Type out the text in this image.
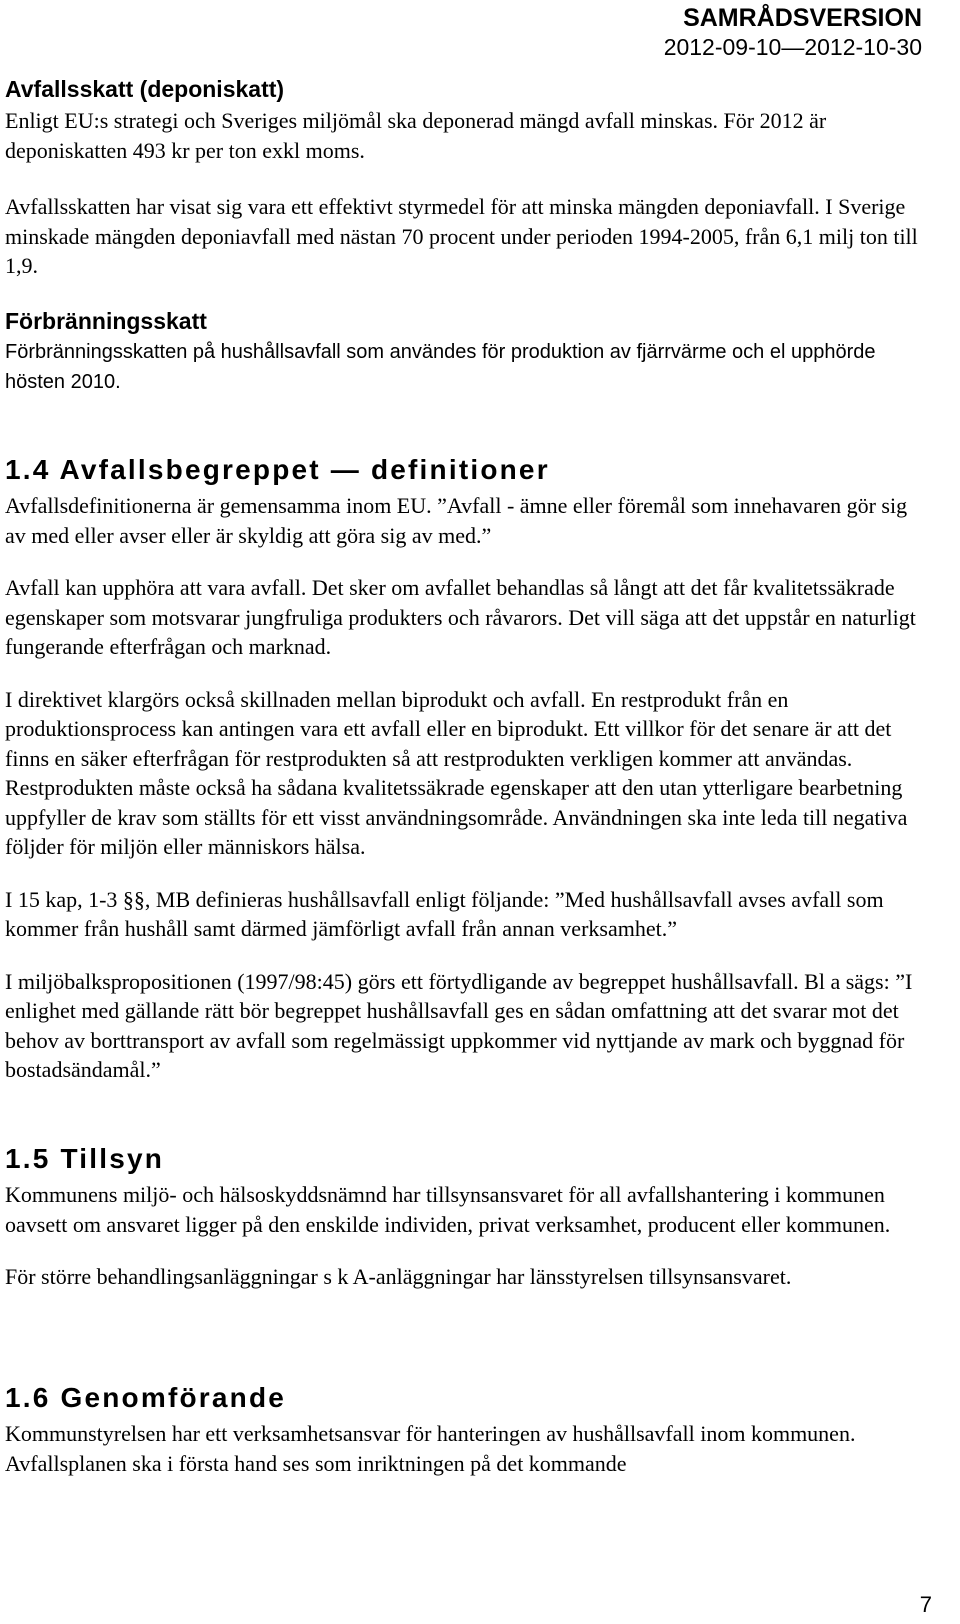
SAMRÅDSVERSION
2012-09-10—2012-10-30
Avfallsskatt (deponiskatt)

Enligt EU:s strategi och Sveriges miljömål ska deponerad mängd avfall minskas. För 2012 är deponiskatten 493 kr per ton exkl moms.

Avfallsskatten har visat sig vara ett effektivt styrmedel för att minska mängden deponiavfall. I Sverige minskade mängden deponiavfall med nästan 70 procent under perioden 1994-2005, från 6,1 milj ton till 1,9.

Förbränningsskatt

Förbränningsskatten på hushållsavfall som användes för produktion av fjärrvärme och el upphörde hösten 2010.

1.4 Avfallsbegreppet — definitioner

Avfallsdefinitionerna är gemensamma inom EU. ”Avfall - ämne eller föremål som innehavaren gör sig av med eller avser eller är skyldig att göra sig av med.”

Avfall kan upphöra att vara avfall. Det sker om avfallet behandlas så långt att det får kvalitetssäkrade egenskaper som motsvarar jungfruliga produkters och råvarors. Det vill säga att det uppstår en naturligt fungerande efterfrågan och marknad.

I direktivet klargörs också skillnaden mellan biprodukt och avfall. En restprodukt från en produktionsprocess kan antingen vara ett avfall eller en biprodukt. Ett villkor för det senare är att det finns en säker efterfrågan för restprodukten så att restprodukten verkligen kommer att användas. Restprodukten måste också ha sådana kvalitetssäkrade egenskaper att den utan ytterligare bearbetning uppfyller de krav som ställts för ett visst användningsområde. Användningen ska inte leda till negativa följder för miljön eller människors hälsa.

I 15 kap, 1-3 §§, MB definieras hushållsavfall enligt följande: ”Med hushållsavfall avses avfall som kommer från hushåll samt därmed jämförligt avfall från annan verksamhet.”

I miljöbalkspropositionen (1997/98:45) görs ett förtydligande av begreppet hushållsavfall. Bl a sägs: ”I enlighet med gällande rätt bör begreppet hushållsavfall ges en sådan omfattning att det svarar mot det behov av borttransport av avfall som regelmässigt uppkommer vid nyttjande av mark och byggnad för bostadsändamål.”

1.5 Tillsyn

Kommunens miljö- och hälsoskyddsnämnd har tillsynsansvaret för all avfallshantering i kommunen oavsett om ansvaret ligger på den enskilde individen, privat verksamhet, producent eller kommunen.

För större behandlingsanläggningar s k A-anläggningar har länsstyrelsen tillsynsansvaret.

1.6 Genomförande

Kommunstyrelsen har ett verksamhetsansvar för hanteringen av hushållsavfall inom kommunen. Avfallsplanen ska i första hand ses som inriktningen på det kommande

7
